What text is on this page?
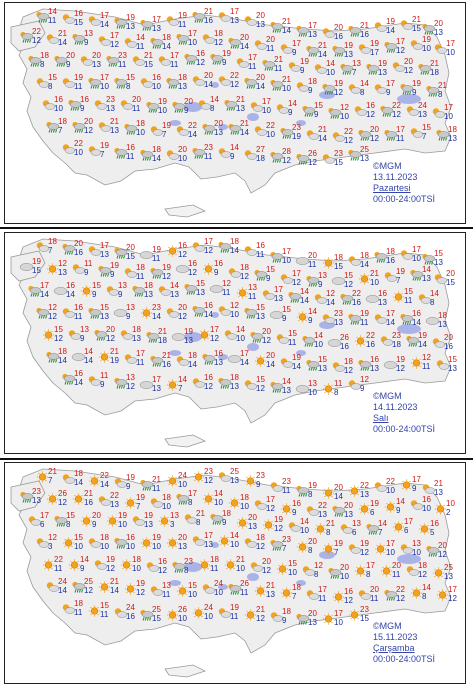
14
11
16
15
17
14
19
13
17
13
19
11
21
16
17
13
20
13 21
14
17
13
20
16
21
16
19
14
21
15
20
13
22
12
21
14
13
9
17
12
14
11
18
14
17
10
18
12
20
14
20
11
17
9
21
14
19
13
19
17
17
12
19
10
17
10
18
8
20
9
20
13
23
11
21
15
17
11
16
12
19
9
17
11
21
11
19
9
14
10
13
7
19
13
20
12
21
18
15
8
19
11
17
10
15
8
16
10
18
13
20
14
22
12
20
14
21
10
18
9
19
12
14
8
17
9
19
9
21
8
16
10
16
9
23
13
20
11
19
10
20
9
14
8
21
13
17
10
14
9
15
9
12
10
16
12
22
12
24
13
17
10
18
7
20
12
21
13
18
10
19
7
22
14
20
13
21
14
22
10
23
19
21
14
22
12
20
12
17
11
15
7
18
13
22
10
19
7
16
11
18
14
20
10
23
11
14
9
27
18
28
12
26
12
23
15
25
13
©MGM
13.11.2023
Pazartesi
00:00-24:00TSİ
18
7
20
16
17
13
20
15
19
11
16
12
17
12
18
14
16
11 17
10
20
11
18
15
18
14
18
16
17
10
15
13
19
15
12
13
11
9
19
9
18
11
19
12
16
12
16
9
18
12
15
9
17
12
13
9
15
12
21
10
19
7
14
13
20
15
17
14
16
14
15
9
13
9
18
13
14
13
15
13
12
11
13
11
17
13
14
14
12
14
22
16
16
13
15
11
14
8
12
12
16
11
15
13
13
9
23
14
20
12
16
14
12
10
15
13
15
9
14
9
23
13
19
11
17
14
16
14
18
13
15
12
13
9
20
12
18
13
21
18
19
13
17
12
14
10
20
12
15
11
14
10
26
16
22
16
23
18
19
14
20
16
18
14
14
14
21
19
17
11
21
16
18
14
16
13
17
14
20
14
19
14
15
13
18
12
16
13
19
12
12
11
15
13
16
14
11
9
13
12
17
13
14
7
16
12
18
13
15
12
14
13
13
10
11
8
12
9
©MGM
14.11.2023
Salı
00:00-24:00TSİ
21
7
18
14
22
14
19
9
21
11
24
10
23
12
25
13
23
9	23
11
19
8
20
14
22
13
22
10
17
9
21
13
23
13
26
12
21
16
22
13
19
7
18
10
17
8
14
10
18
10
17
12
16
9
22
13
20
13
19
6
14
9
16
10
10
2
17
6
15
8
20
9
19
10
19
13
13
3
21
8
18
9
20
13
19
12
14
10
21
8
13
6
14
7
17
6
16
5
12
3
15
10
18
10
16
10
19
10
20
13
17
13
14
10
18
12
23
7
20
8
19
7
19
12
17
10
13
10
20
12
22
11
14
9
19
12
18
10
16
12
23
8
18
11
21
10
20
12
15
10
12
8
20
10
17
8
20
11
18
12
25
13
24
14
25
12
21
14
19
12
13
11
15
10
24
10
26
11
21
13
18
7
17
11
16
12
20
11
22
12
14
8
17
12
18
11
15
11
24
16
25
15
26
10
24
10
19
11
21
12
18
9
20
13
17
10
23
15
©MGM
15.11.2023
Çarşamba
00:00-24:00TSİ
